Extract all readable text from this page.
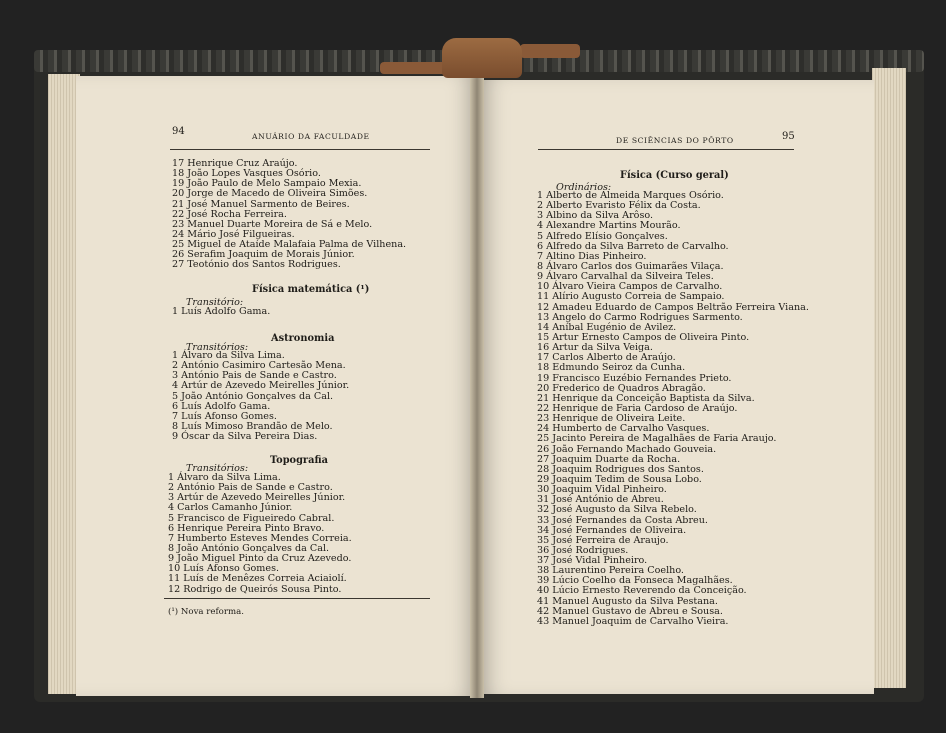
94	ANUÁRIO DA FACULDADE
17 Henrique Cruz Araújo.
18 João Lopes Vasques Osório.
19 João Paulo de Melo Sampaio Mexia.
20 Jorge de Macedo de Oliveira Simões.
21 José Manuel Sarmento de Beires.
22 José Rocha Ferreira.
23 Manuel Duarte Moreira de Sá e Melo.
24 Mário José Filgueiras.
25 Miguel de Ataíde Malafaia Palma de Vilhena.
26 Serafim Joaquim de Morais Júnior.
27 Teotónio dos Santos Rodrigues.
Física matemática (¹)
Transitório:
1 Luís Adolfo Gama.
Astronomia
Transitórios:
1 Álvaro da Silva Lima.
2 António Casimiro Cartesão Mena.
3 António Pais de Sande e Castro.
4 Artúr de Azevedo Meirelles Júnior.
5 João António Gonçalves da Cal.
6 Luís Adolfo Gama.
7 Luís Afonso Gomes.
8 Luís Mimoso Brandão de Melo.
9 Óscar da Silva Pereira Dias.
Topografia
Transitórios:
1 Álvaro da Silva Lima.
2 António Pais de Sande e Castro.
3 Artúr de Azevedo Meirelles Júnior.
4 Carlos Camanho Júnior.
5 Francisco de Figueiredo Cabral.
6 Henrique Pereira Pinto Bravo.
7 Humberto Esteves Mendes Correia.
8 João António Gonçalves da Cal.
9 João Miguel Pinto da Cruz Azevedo.
10 Luís Afonso Gomes.
11 Luís de Menêzes Correia Aciaiolí.
12 Rodrigo de Queirós Sousa Pinto.
(¹) Nova reforma.
DE SCIÊNCIAS DO PÔRTO	95
Física (Curso geral)
Ordinários:
1 Alberto de Almeida Marques Osório.
2 Alberto Evaristo Félix da Costa.
3 Albino da Silva Arôso.
4 Alexandre Martins Mourão.
5 Alfredo Elísio Gonçalves.
6 Alfredo da Silva Barreto de Carvalho.
7 Altino Dias Pinheiro.
8 Álvaro Carlos dos Guimarães Vilaça.
9 Álvaro Carvalhal da Silveira Teles.
10 Álvaro Vieira Campos de Carvalho.
11 Alírio Augusto Correia de Sampaio.
12 Amadeu Eduardo de Campos Beltrão Ferreira Viana.
13 Angelo do Carmo Rodrigues Sarmento.
14 Aníbal Eugénio de Avilez.
15 Artur Ernesto Campos de Oliveira Pinto.
16 Artur da Silva Veiga.
17 Carlos Alberto de Araújo.
18 Edmundo Seiroz da Cunha.
19 Francisco Euzébio Fernandes Prieto.
20 Frederico de Quadros Abragão.
21 Henrique da Conceição Baptista da Silva.
22 Henrique de Faria Cardoso de Araújo.
23 Henrique de Oliveira Leite.
24 Humberto de Carvalho Vasques.
25 Jacinto Pereira de Magalhães de Faria Araujo.
26 João Fernando Machado Gouveia.
27 Joaquim Duarte da Rocha.
28 Joaquim Rodrigues dos Santos.
29 Joaquim Tedim de Sousa Lobo.
30 Joaquim Vidal Pinheiro.
31 José António de Abreu.
32 José Augusto da Silva Rebelo.
33 José Fernandes da Costa Abreu.
34 José Fernandes de Oliveira.
35 José Ferreira de Araujo.
36 José Rodrigues.
37 José Vidal Pinheiro.
38 Laurentino Pereira Coelho.
39 Lúcio Coelho da Fonseca Magalhães.
40 Lúcio Ernesto Reverendo da Conceição.
41 Manuel Augusto da Silva Pestana.
42 Manuel Gustavo de Abreu e Sousa.
43 Manuel Joaquim de Carvalho Vieira.
